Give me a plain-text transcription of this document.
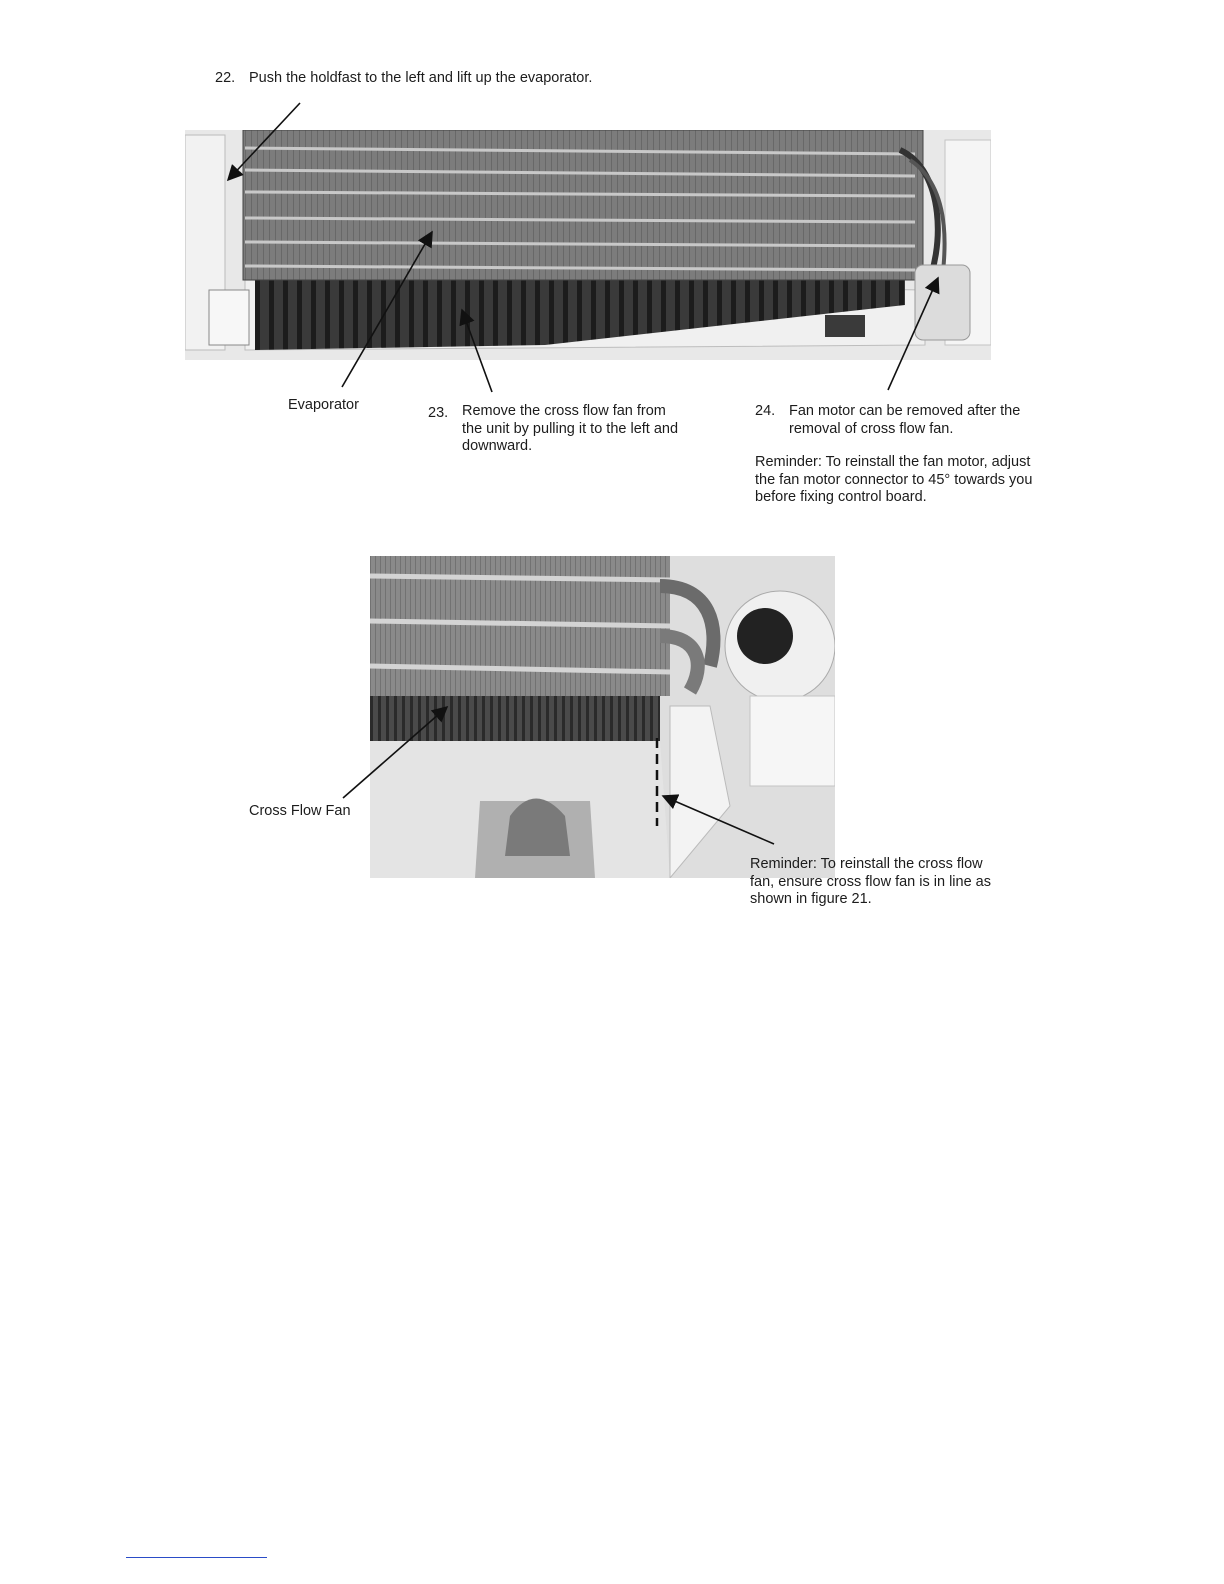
22. Push the holdfast to the left and lift up the evaporator.
Evaporator	23. Remove the cross flow fan from
the unit by pulling it to the left and
downward.
24. Fan motor can be removed after the
removal of cross flow fan.
Reminder: To reinstall the fan motor, adjust
the fan motor connector to 45° towards you
before fixing control board.
Cross Flow Fan
Reminder: To reinstall the cross flow
fan, ensure cross flow fan is in line as
shown in figure 21.
